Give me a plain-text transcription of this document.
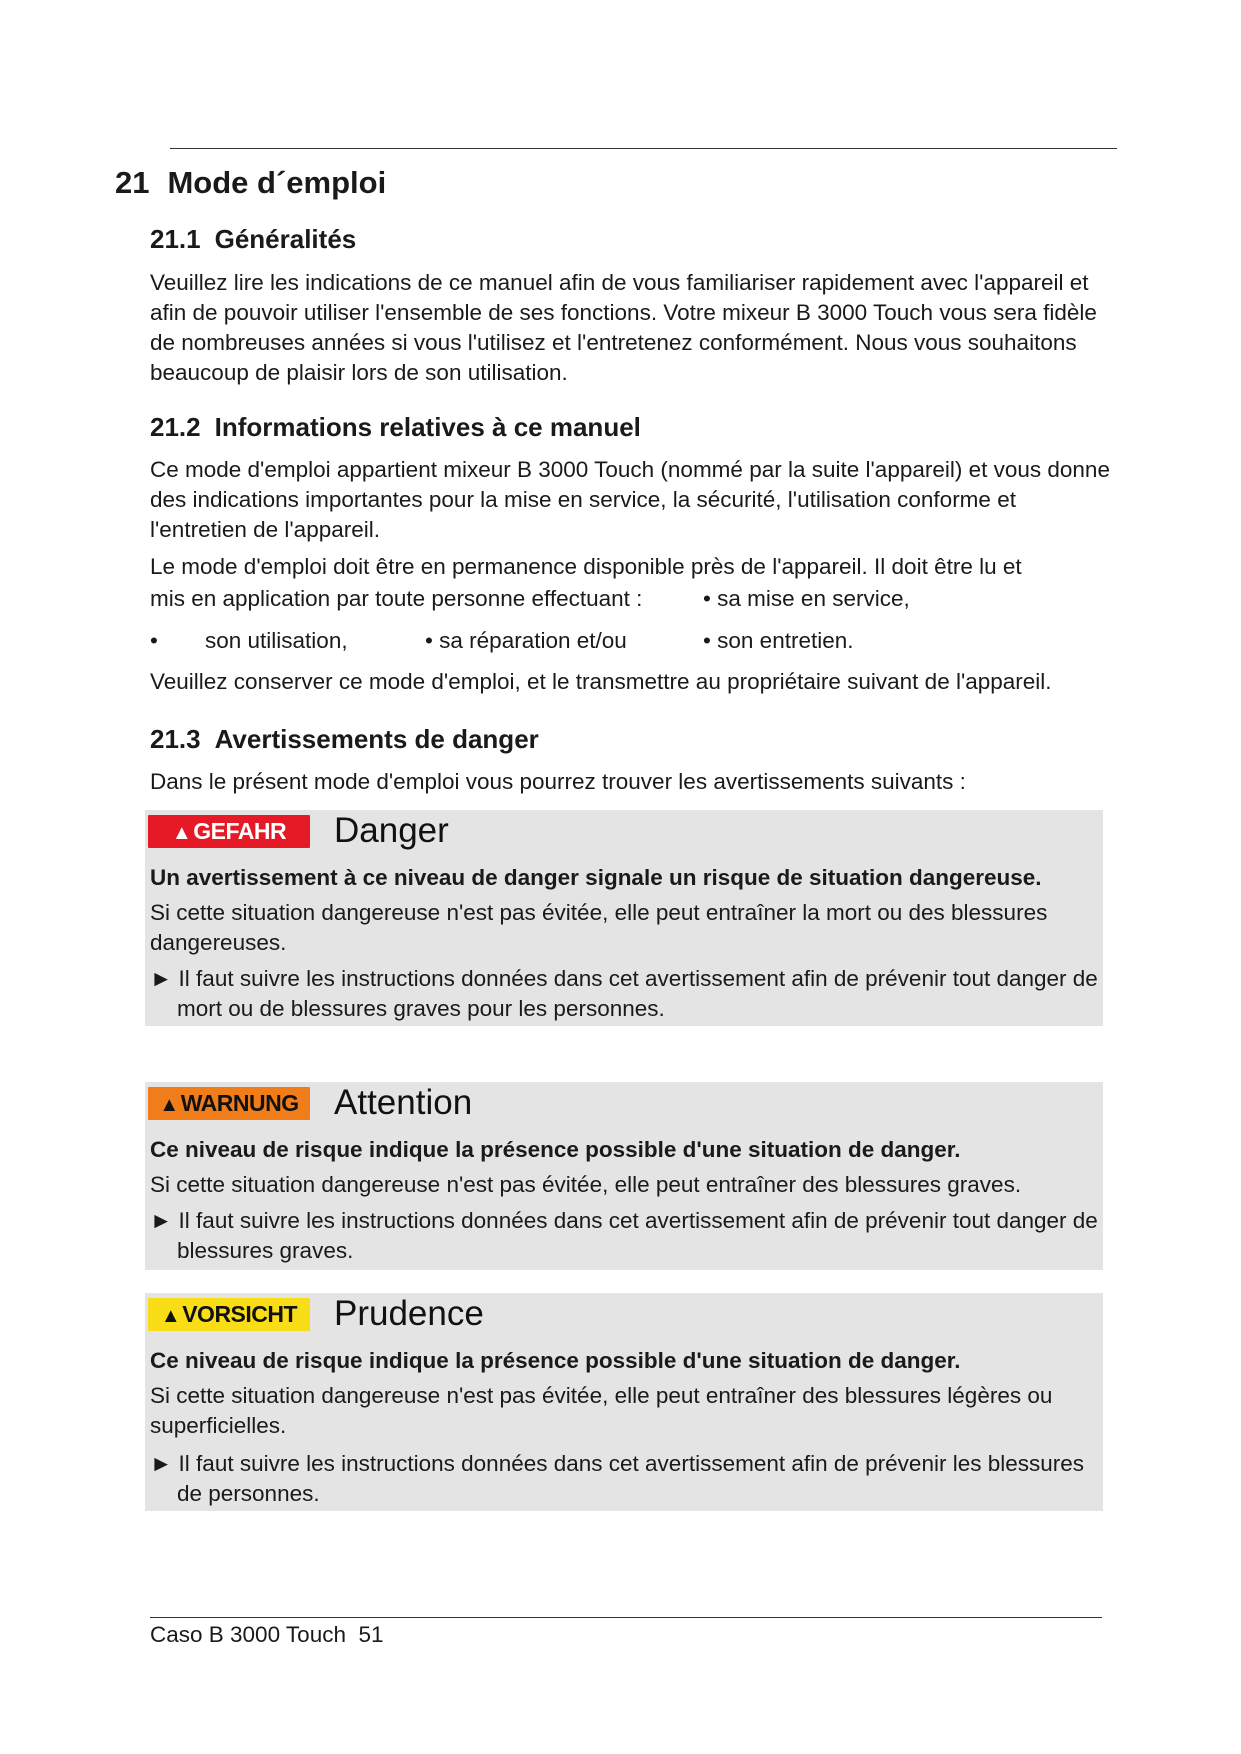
21 Mode d´emploi
21.1 Généralités
Veuillez lire les indications de ce manuel afin de vous familiariser rapidement avec l'appareil et afin de pouvoir utiliser l'ensemble de ses fonctions. Votre mixeur B 3000 Touch vous sera fidèle de nombreuses années si vous l'utilisez et l'entretenez conformément. Nous vous souhaitons beaucoup de plaisir lors de son utilisation.
21.2 Informations relatives à ce manuel
Ce mode d'emploi appartient mixeur B 3000 Touch (nommé par la suite l'appareil) et vous donne des indications importantes pour la mise en service, la sécurité, l'utilisation conforme et l'entretien de l'appareil.
Le mode d'emploi doit être en permanence disponible près de l'appareil. Il doit être lu et
mis en application par toute personne effectuant :	• sa mise en service,
• son utilisation,	• sa réparation et/ou	• son entretien.
Veuillez conserver ce mode d'emploi, et le transmettre au propriétaire suivant de l'appareil.
21.3 Avertissements de danger
Dans le présent mode d'emploi vous pourrez trouver les avertissements suivants :
▲GEFAHR	Danger
Un avertissement à ce niveau de danger signale un risque de situation dangereuse.
Si cette situation dangereuse n'est pas évitée, elle peut entraîner la mort ou des blessures dangereuses.
► Il faut suivre les instructions données dans cet avertissement afin de prévenir tout danger de mort ou de blessures graves pour les personnes.
▲WARNUNG	Attention
Ce niveau de risque indique la présence possible d'une situation de danger.
Si cette situation dangereuse n'est pas évitée, elle peut entraîner des blessures graves.
► Il faut suivre les instructions données dans cet avertissement afin de prévenir tout danger de blessures graves.
▲VORSICHT	Prudence
Ce niveau de risque indique la présence possible d'une situation de danger.
Si cette situation dangereuse n'est pas évitée, elle peut entraîner des blessures légères ou superficielles.
► Il faut suivre les instructions données dans cet avertissement afin de prévenir les blessures de personnes.
Caso B 3000 Touch 51
